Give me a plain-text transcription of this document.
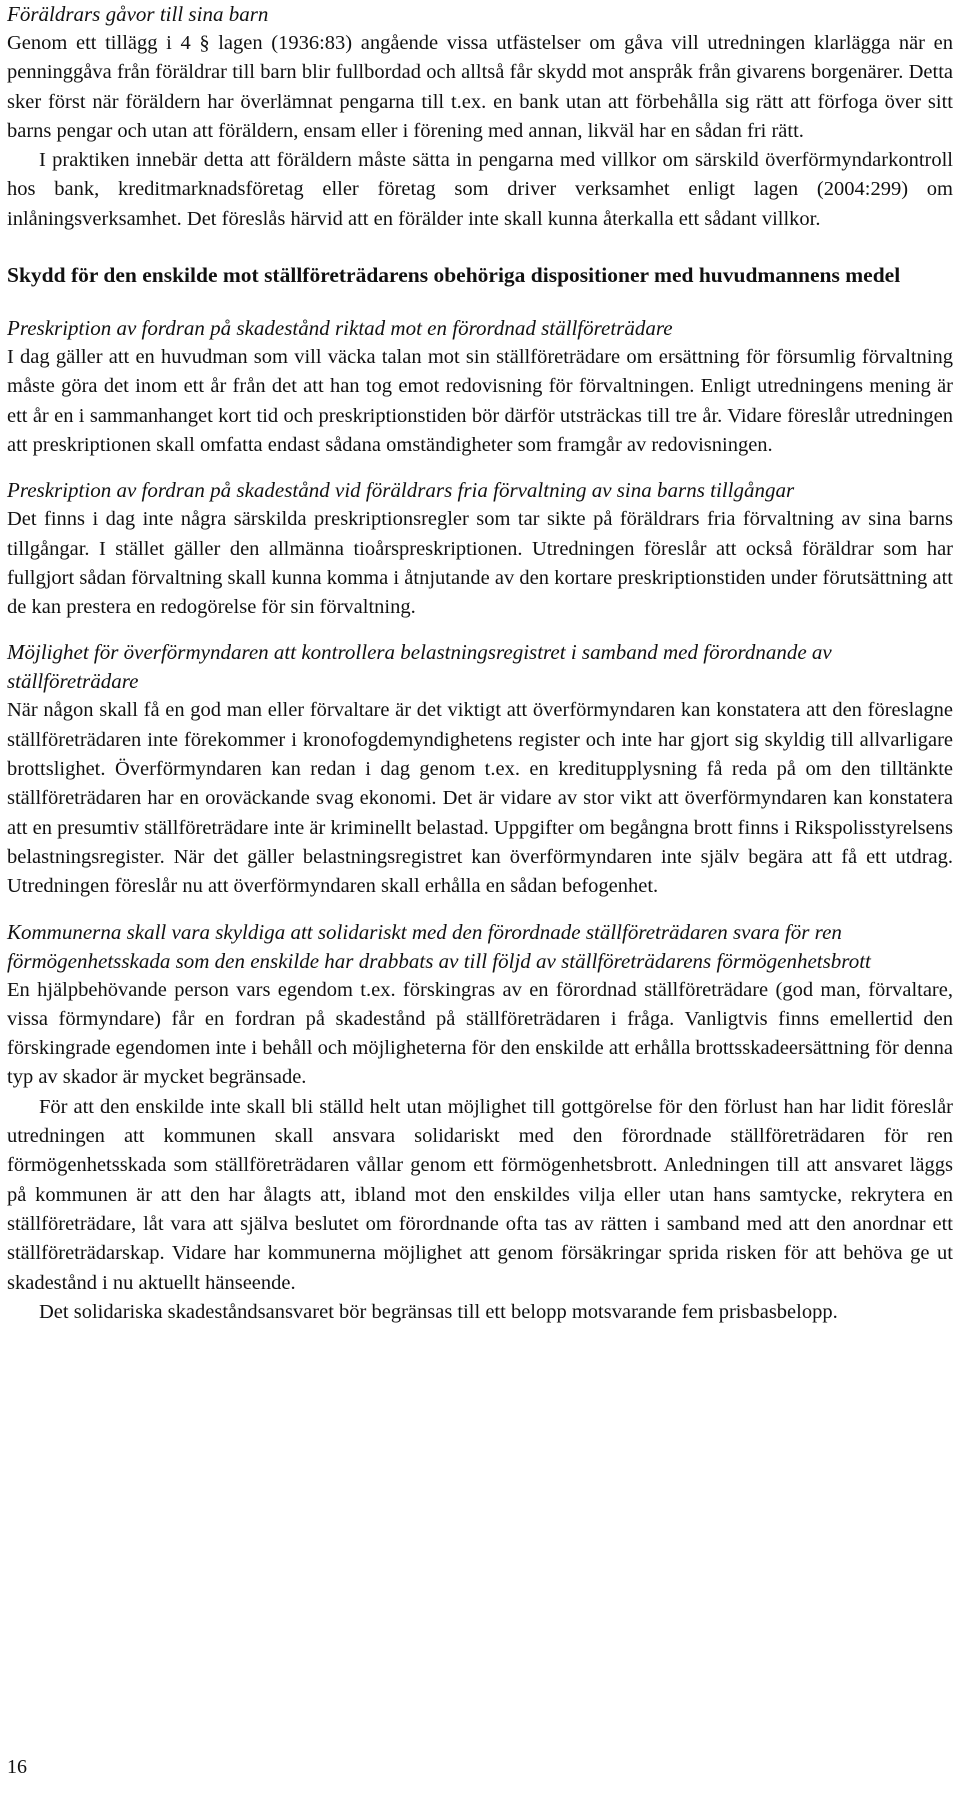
Föräldrars gåvor till sina barn

Genom ett tillägg i 4 § lagen (1936:83) angående vissa utfästelser om gåva vill utredningen klarlägga när en penninggåva från föräldrar till barn blir fullbordad och alltså får skydd mot anspråk från givarens borgenärer. Detta sker först när föräldern har överlämnat pengarna till t.ex. en bank utan att förbehålla sig rätt att förfoga över sitt barns pengar och utan att föräldern, ensam eller i förening med annan, likväl har en sådan fri rätt.

I praktiken innebär detta att föräldern måste sätta in pengarna med villkor om särskild överförmyndarkontroll hos bank, kreditmarknadsföretag eller företag som driver verksamhet enligt lagen (2004:299) om inlåningsverksamhet. Det föreslås härvid att en förälder inte skall kunna återkalla ett sådant villkor.

Skydd för den enskilde mot ställföreträdarens obehöriga dispositioner med huvudmannens medel

Preskription av fordran på skadestånd riktad mot en förordnad ställföreträdare

I dag gäller att en huvudman som vill väcka talan mot sin ställföreträdare om ersättning för försumlig förvaltning måste göra det inom ett år från det att han tog emot redovisning för förvaltningen. Enligt utredningens mening är ett år en i sammanhanget kort tid och preskriptionstiden bör därför utsträckas till tre år. Vidare föreslår utredningen att preskriptionen skall omfatta endast sådana omständigheter som framgår av redovisningen.

Preskription av fordran på skadestånd vid föräldrars fria förvaltning av sina barns tillgångar

Det finns i dag inte några särskilda preskriptionsregler som tar sikte på föräldrars fria förvaltning av sina barns tillgångar. I stället gäller den allmänna tioårspreskriptionen. Utredningen föreslår att också föräldrar som har fullgjort sådan förvaltning skall kunna komma i åtnjutande av den kortare preskriptionstiden under förutsättning att de kan prestera en redogörelse för sin förvaltning.

Möjlighet för överförmyndaren att kontrollera belastningsregistret i samband med förordnande av ställföreträdare

När någon skall få en god man eller förvaltare är det viktigt att överförmyndaren kan konstatera att den föreslagne ställföreträdaren inte förekommer i kronofogdemyndighetens register och inte har gjort sig skyldig till allvarligare brottslighet. Överförmyndaren kan redan i dag genom t.ex. en kreditupplysning få reda på om den tilltänkte ställföreträdaren har en oroväckande svag ekonomi. Det är vidare av stor vikt att överförmyndaren kan konstatera att en presumtiv ställföreträdare inte är kriminellt belastad. Uppgifter om begångna brott finns i Rikspolisstyrelsens belastningsregister. När det gäller belastningsregistret kan överförmyndaren inte själv begära att få ett utdrag. Utredningen föreslår nu att överförmyndaren skall erhålla en sådan befogenhet.

Kommunerna skall vara skyldiga att solidariskt med den förordnade ställföreträdaren svara för ren förmögenhetsskada som den enskilde har drabbats av till följd av ställföreträdarens förmögenhetsbrott

En hjälpbehövande person vars egendom t.ex. förskingras av en förordnad ställföreträdare (god man, förvaltare, vissa förmyndare) får en fordran på skadestånd på ställföreträdaren i fråga. Vanligtvis finns emellertid den förskingrade egendomen inte i behåll och möjligheterna för den enskilde att erhålla brottsskadeersättning för denna typ av skador är mycket begränsade.

För att den enskilde inte skall bli ställd helt utan möjlighet till gottgörelse för den förlust han har lidit föreslår utredningen att kommunen skall ansvara solidariskt med den förordnade ställföreträdaren för ren förmögenhetsskada som ställföreträdaren vållar genom ett förmögenhetsbrott. Anledningen till att ansvaret läggs på kommunen är att den har ålagts att, ibland mot den enskildes vilja eller utan hans samtycke, rekrytera en ställföreträdare, låt vara att själva beslutet om förordnande ofta tas av rätten i samband med att den anordnar ett ställföreträdarskap. Vidare har kommunerna möjlighet att genom försäkringar sprida risken för att behöva ge ut skadestånd i nu aktuellt hänseende.

Det solidariska skadeståndsansvaret bör begränsas till ett belopp motsvarande fem prisbasbelopp.

16
